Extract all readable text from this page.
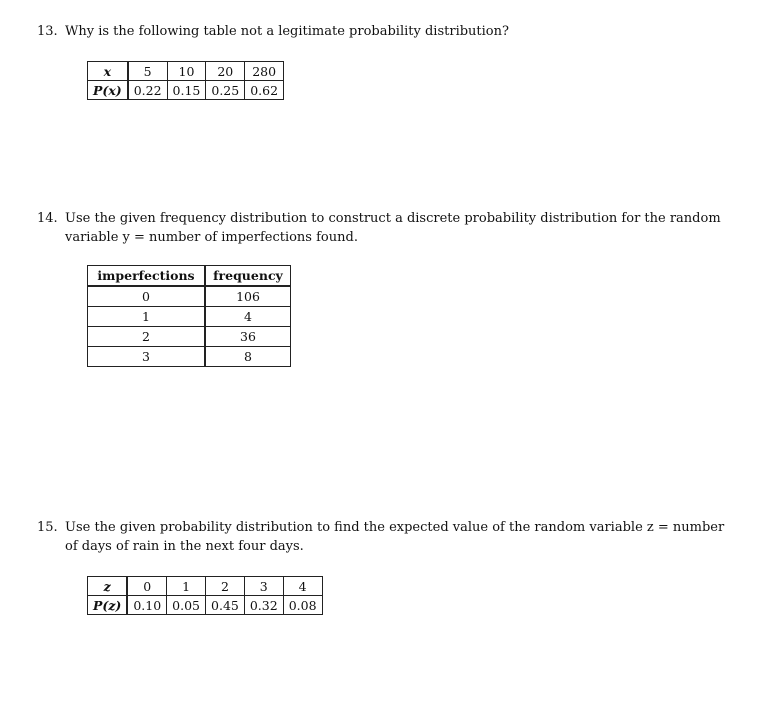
13. Why is the following table not a legitimate probability distribution?
x	5	10	20	280
P(x)	0.22	0.15	0.25	0.62
14. Use the given frequency distribution to construct a discrete probability distribution for the random
variable y = number of imperfections found.
imperfections	frequency
0	106
1	4
2	36
3	8
15. Use the given probability distribution to find the expected value of the random variable z = number
of days of rain in the next four days.
z	0	1	2	3	4
P(z)	0.10	0.05	0.45	0.32	0.08
